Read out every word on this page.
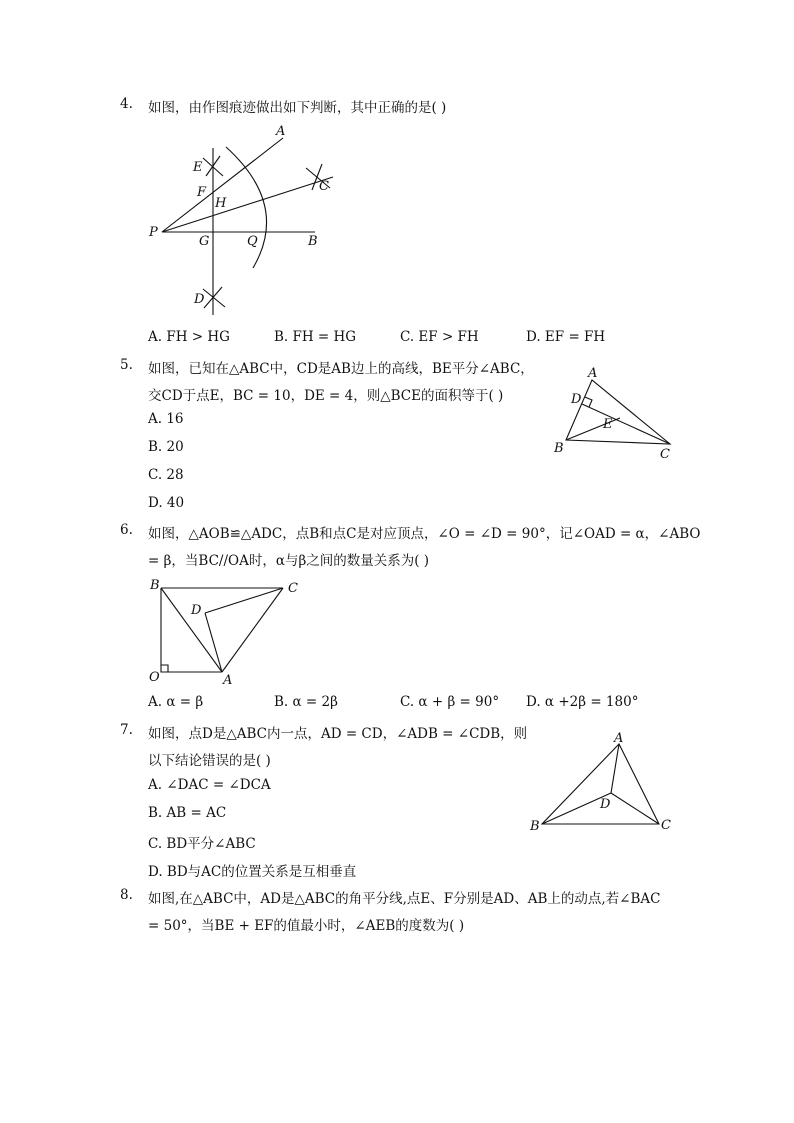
4.	如图，由作图痕迹做出如下判断，其中正确的是( )
A
E
F
H
C
P
G	Q	B
D
A. FH > HG	B. FH = HG	C. EF > FH	D. EF = FH
5.	如图，已知在△ABC中，CD是AB边上的高线，BE平分∠ABC，
交CD于点E，BC = 10，DE = 4，则△BCE的面积等于( )
A. 16
B. 20
C. 28
D. 40
A
D
E
B	C
6.	如图，△AOB≌△ADC，点B和点C是对应顶点，∠O = ∠D = 90°，记∠OAD = α，∠ABO
= β，当BC//OA时，α与β之间的数量关系为( )
B	C
D
O	A
A. α = β	B. α = 2β	C. α + β = 90° D. α +2β = 180°
7.	如图，点D是△ABC内一点，AD = CD，∠ADB = ∠CDB，则
以下结论错误的是( )
A. ∠DAC = ∠DCA
B. AB = AC
C. BD平分∠ABC
D. BD与AC的位置关系是互相垂直
A
D
B	C
8.	如图,在△ABC中，AD是△ABC的角平分线,点E、F分别是AD、AB上的动点,若∠BAC
= 50°，当BE + EF的值最小时，∠AEB的度数为( )
